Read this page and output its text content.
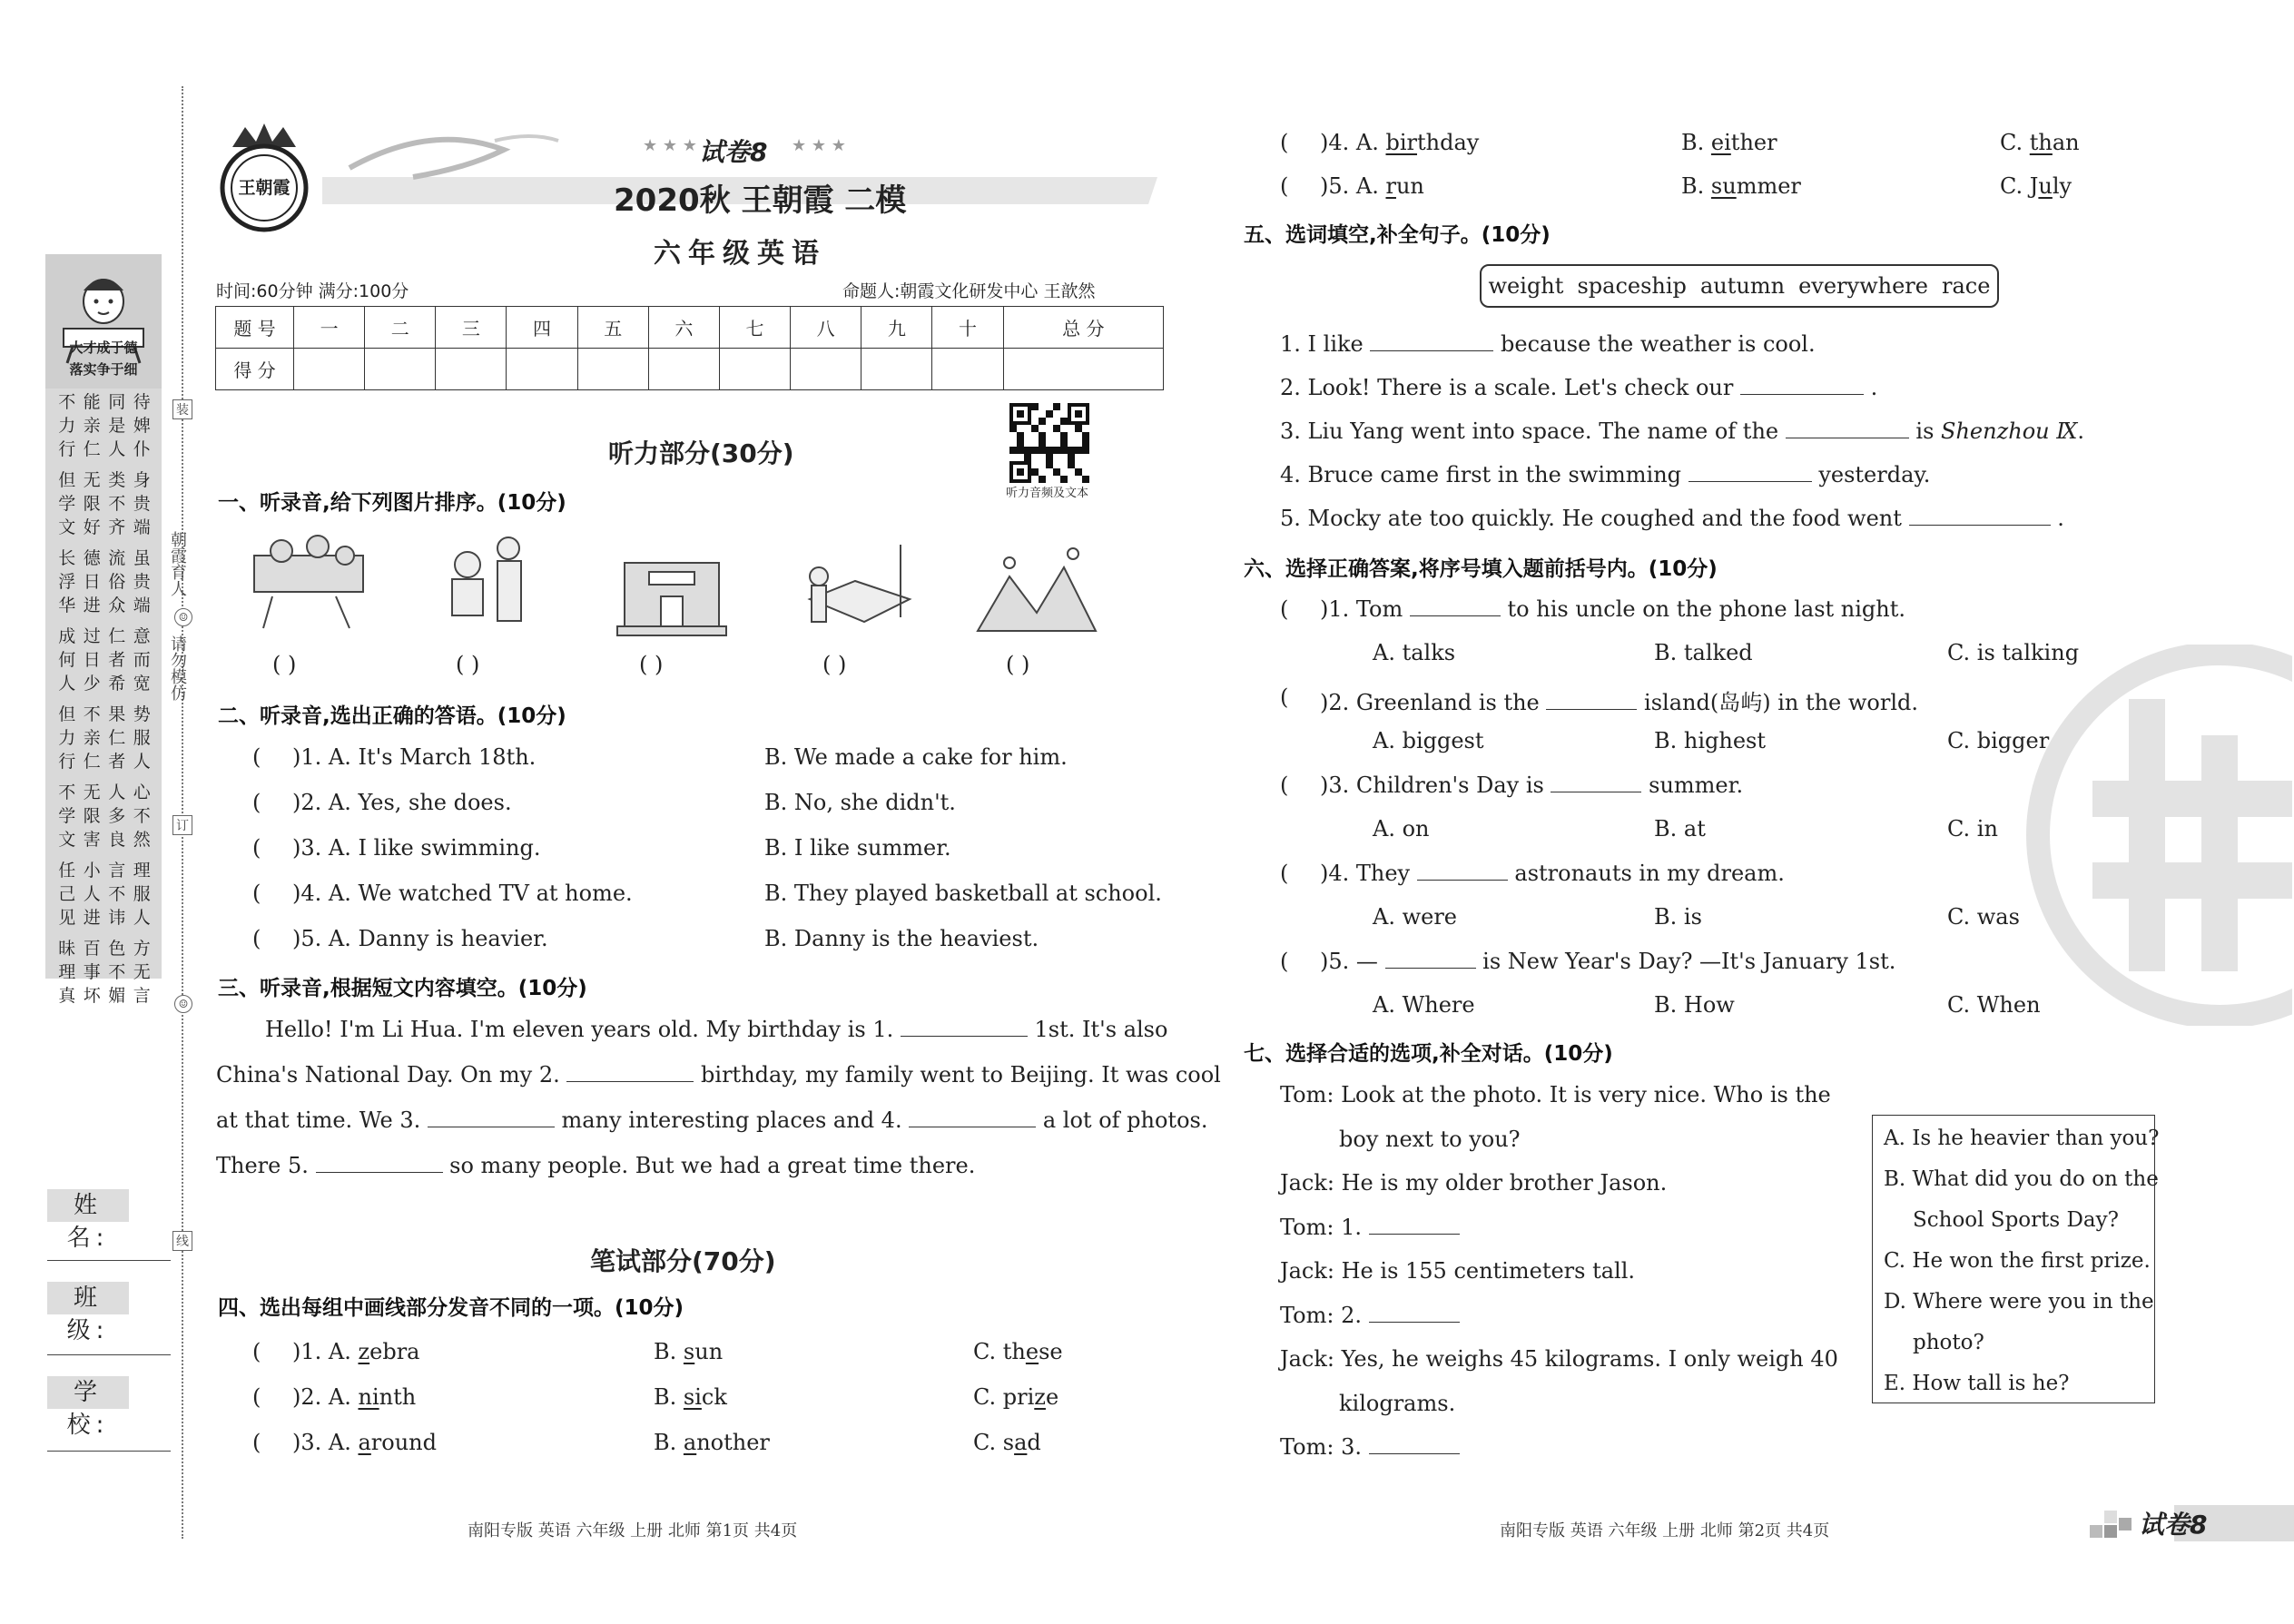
大才成于德
落实争于细
不 能 同 待
力 亲 是 婢
行 仁 人 仆
但 无 类 身
学 限 不 贵
文 好 齐 端
长 德 流 虽
浮 日 俗 贵
华 进 众 端
成 过 仁 意
何 日 者 而
人 少 希 宽
但 不 果 势
力 亲 仁 服
行 仁 者 人
不 无 人 心
学 限 多 不
文 害 良 然
任 小 言 理
己 人 不 服
见 进 讳 人
昧 百 色 方
理 事 不 无
真 坏 媚 言
装
朝霞育人
☺
请勿模仿
订
☺
线
姓 名:
班 级:
学 校:
王朝霞
★ ★ ★ 试卷8 ★ ★ ★
2020秋 王朝霞 二模
六年级英语
时间:60分钟 满分:100分	命题人:朝霞文化研发中心 王歆然
题 号	一	二	三	四	五	六	七	八	九	十	总 分
得 分											
听力音频及文本
听力部分(30分)
一、听录音,给下列图片排序。(10分)
( )	( )	( )	( )	( )
二、听录音,选出正确的答语。(10分)
( )1. A. It's March 18th.	B. We made a cake for him.
( )2. A. Yes, she does.	B. No, she didn't.
( )3. A. I like swimming.	B. I like summer.
( )4. A. We watched TV at home.	B. They played basketball at school.
( )5. A. Danny is heavier.	B. Danny is the heaviest.
三、听录音,根据短文内容填空。(10分)
Hello! I'm Li Hua. I'm eleven years old. My birthday is 1.	1st. It's also
China's National Day. On my 2.	birthday, my family went to Beijing. It was cool
at that time. We 3.	many interesting places and 4.	a lot of photos.
There 5.	so many people. But we had a great time there.
笔试部分(70分)
四、选出每组中画线部分发音不同的一项。(10分)
( )1. A. zebra	B. sun	C. these
( )2. A. ninth	B. sick	C. prize
( )3. A. around	B. another	C. sad
( )4. A. birthday	B. either	C. than
( )5. A. run	B. summer	C. July
五、选词填空,补全句子。(10分)
weight spaceship autumn everywhere race
1. I like	because the weather is cool.
2. Look! There is a scale. Let's check our	.
3. Liu Yang went into space. The name of the	is Shenzhou Ⅸ.
4. Bruce came first in the swimming	yesterday.
5. Mocky ate too quickly. He coughed and the food went	.
六、选择正确答案,将序号填入题前括号内。(10分)
( )1. Tom	to his uncle on the phone last night.
A. talks	B. talked	C. is talking
( )2. Greenland is the	island(岛屿) in the world.
A. biggest	B. highest	C. bigger
( )3. Children's Day is	summer.
A. on	B. at	C. in
( )4. They	astronauts in my dream.
A. were	B. is	C. was
( )5. —	is New Year's Day? —It's January 1st.
A. Where	B. How	C. When
七、选择合适的选项,补全对话。(10分)
Tom: Look at the photo. It is very nice. Who is the
boy next to you?
Jack: He is my older brother Jason.
Tom: 1.
Jack: He is 155 centimeters tall.
Tom: 2.
Jack: Yes, he weighs 45 kilograms. I only weigh 40
kilograms.
Tom: 3.
A. Is he heavier than you?
B. What did you do on the
School Sports Day?
C. He won the first prize.
D. Where were you in the
photo?
E. How tall is he?
南阳专版 英语 六年级 上册 北师 第1页 共4页	南阳专版 英语 六年级 上册 北师 第2页 共4页	试卷8
